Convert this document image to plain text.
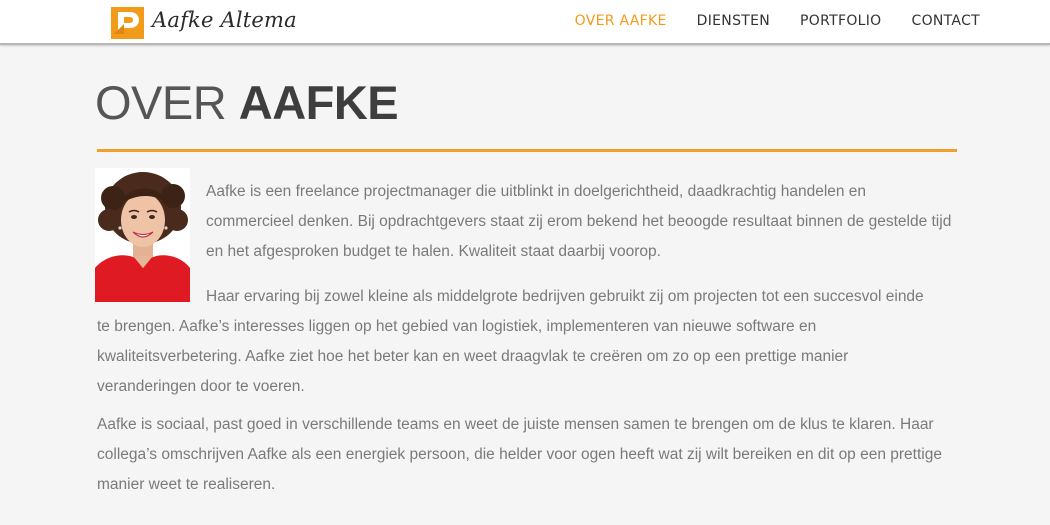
Aafke Altema	OVER AAFKE DIENSTEN PORTFOLIO CONTACT
OVER AAFKE

Aafke is een freelance projectmanager die uitblinkt in doelgerichtheid, daadkrachtig handelen en commercieel denken. Bij opdrachtgevers staat zij erom bekend het beoogde resultaat binnen de gestelde tijd en het afgesproken budget te halen. Kwaliteit staat daarbij voorop.

Haar ervaring bij zowel kleine als middelgrote bedrijven gebruikt zij om projecten tot een succesvol einde te brengen. Aafke’s interesses liggen op het gebied van logistiek, implementeren van nieuwe software en kwaliteitsverbetering. Aafke ziet hoe het beter kan en weet draagvlak te creëren om zo op een prettige manier veranderingen door te voeren.

Aafke is sociaal, past goed in verschillende teams en weet de juiste mensen samen te brengen om de klus te klaren. Haar collega’s omschrijven Aafke als een energiek persoon, die helder voor ogen heeft wat zij wilt bereiken en dit op een prettige manier weet te realiseren.
